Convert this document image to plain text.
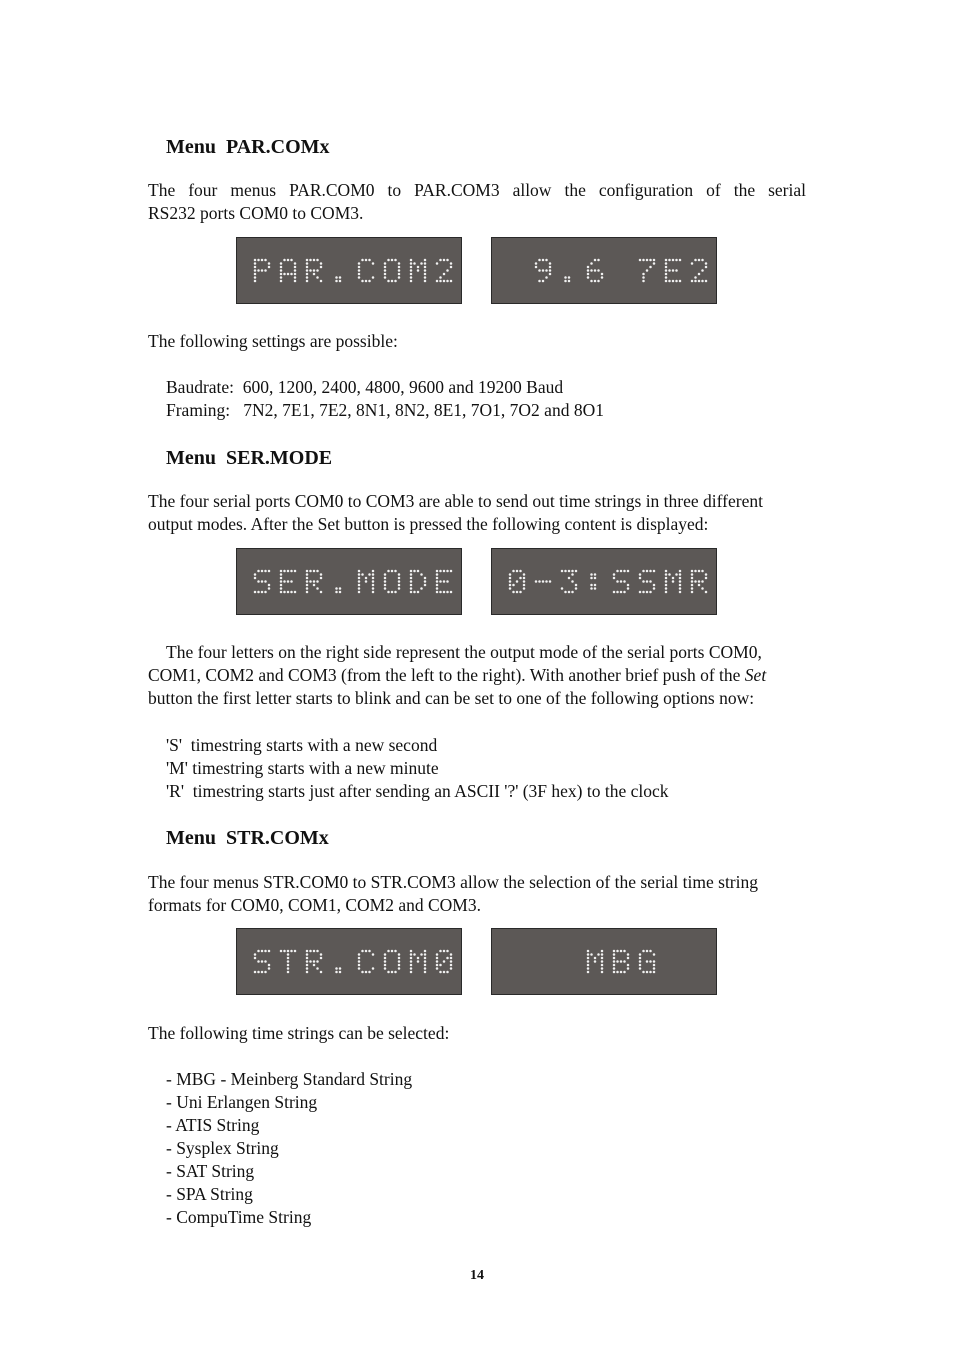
Menu  PAR.COMx
The four menus PAR.COM0 to PAR.COM3 allow the configuration of the serial
RS232 ports COM0 to COM3.
The following settings are possible:
Baudrate:  600, 1200, 2400, 4800, 9600 and 19200 Baud
Framing:   7N2, 7E1, 7E2, 8N1, 8N2, 8E1, 7O1, 7O2 and 8O1
Menu  SER.MODE
The four serial ports COM0 to COM3 are able to send out time strings in three different
output modes. After the Set button is pressed the following content is displayed:
The four letters on the right side represent the output mode of the serial ports COM0,
COM1, COM2 and COM3 (from the left to the right). With another brief push of the Set
button the first letter starts to blink and can be set to one of the following options now:
'S'  timestring starts with a new second
'M' timestring starts with a new minute
'R'  timestring starts just after sending an ASCII '?' (3F hex) to the clock
Menu  STR.COMx
The four menus STR.COM0 to STR.COM3 allow the selection of the serial time string
formats for COM0, COM1, COM2 and COM3.
The following time strings can be selected:
- MBG - Meinberg Standard String
- Uni Erlangen String
- ATIS String
- Sysplex String
- SAT String
- SPA String
- CompuTime String
14
